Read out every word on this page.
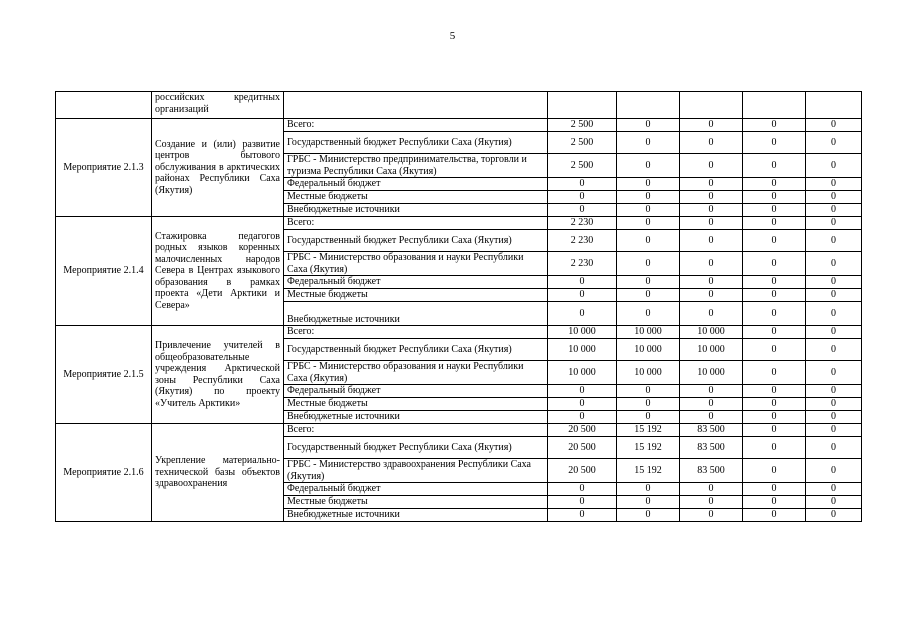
5
	российских кредитных организаций						
Мероприятие 2.1.3	Создание и (или) развитие центров бытового обслуживания в арктических районах Республики Саха (Якутия)	Всего:	2 500	0	0	0	0
		Государственный бюджет Республики Саха (Якутия)	2 500	0	0	0	0
		ГРБС - Министерство предпринимательства, торговли и туризма Республики Саха (Якутия)	2 500	0	0	0	0
		Федеральный бюджет	0	0	0	0	0
		Местные бюджеты	0	0	0	0	0
		Внебюджетные источники	0	0	0	0	0
Мероприятие 2.1.4	Стажировка педагогов родных языков коренных малочисленных народов Севера в Центрах языкового образования в рамках проекта «Дети Арктики и Севера»	Всего:	2 230	0	0	0	0
		Государственный бюджет Республики Саха (Якутия)	2 230	0	0	0	0
		ГРБС - Министерство образования и науки Республики Саха (Якутия)	2 230	0	0	0	0
		Федеральный бюджет	0	0	0	0	0
		Местные бюджеты	0	0	0	0	0
		Внебюджетные источники	0	0	0	0	0
Мероприятие 2.1.5	Привлечение учителей в общеобразовательные учреждения Арктической зоны Республики Саха (Якутия) по проекту «Учитель Арктики»	Всего:	10 000	10 000	10 000	0	0
		Государственный бюджет Республики Саха (Якутия)	10 000	10 000	10 000	0	0
		ГРБС - Министерство образования и науки Республики Саха (Якутия)	10 000	10 000	10 000	0	0
		Федеральный бюджет	0	0	0	0	0
		Местные бюджеты	0	0	0	0	0
		Внебюджетные источники	0	0	0	0	0
Мероприятие 2.1.6	Укрепление материально-технической базы объектов здравоохранения	Всего:	20 500	15 192	83 500	0	0
		Государственный бюджет Республики Саха (Якутия)	20 500	15 192	83 500	0	0
		ГРБС - Министерство здравоохранения Республики Саха (Якутия)	20 500	15 192	83 500	0	0
		Федеральный бюджет	0	0	0	0	0
		Местные бюджеты	0	0	0	0	0
		Внебюджетные источники	0	0	0	0	0
